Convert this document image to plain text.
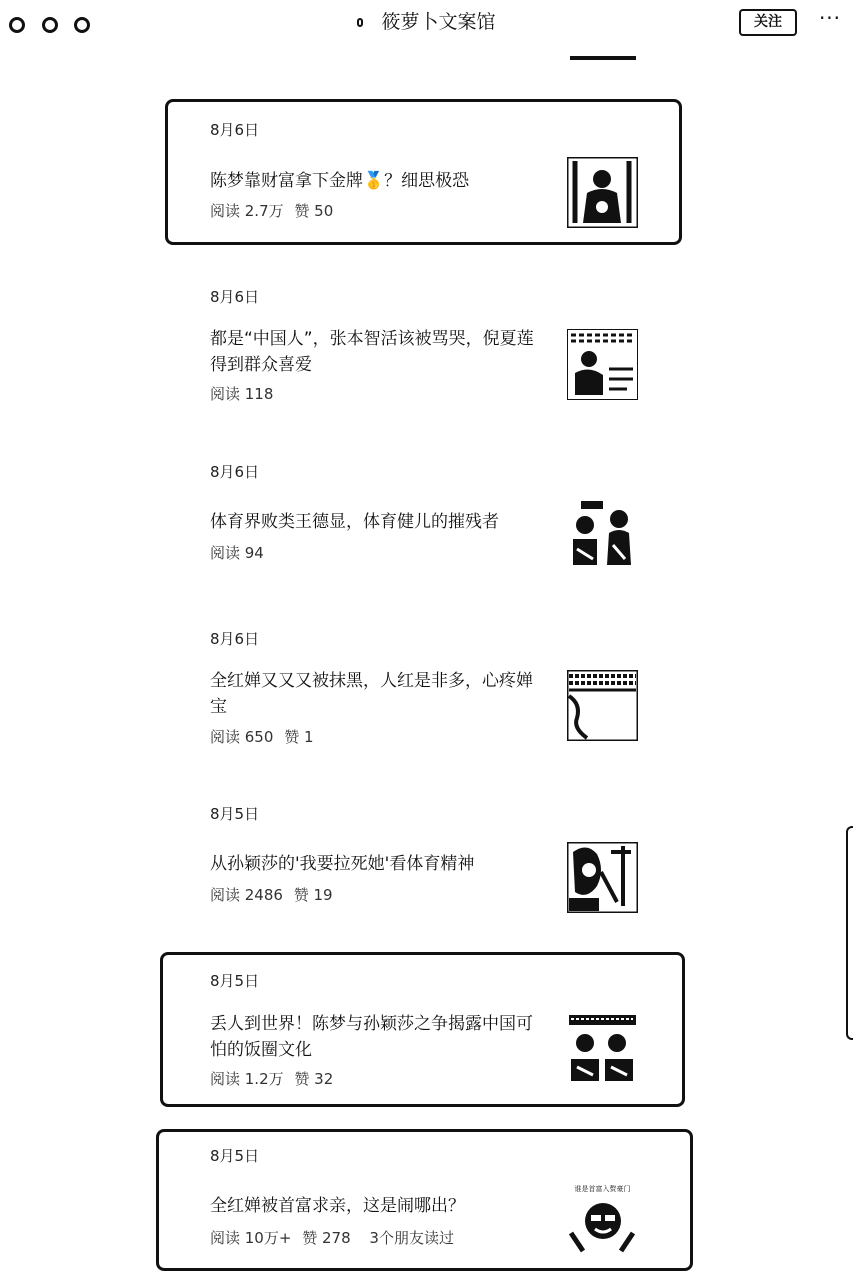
筱萝卜文案馆	关注	···
8月6日
陈梦靠财富拿下金牌🥇？细思极恐
阅读 2.7万 赞 50
8月6日
都是“中国人”，张本智活该被骂哭，倪夏莲得到群众喜爱
阅读 118
8月6日
体育界败类王德显，体育健儿的摧残者
阅读 94
8月6日
全红婵又又又被抹黑，人红是非多，心疼婵宝
阅读 650 赞 1
8月5日
从孙颖莎的'我要拉死她'看体育精神
阅读 2486 赞 19
8月5日
丢人到世界！陈梦与孙颖莎之争揭露中国可怕的饭圈文化
阅读 1.2万 赞 32
8月5日
全红婵被首富求亲，这是闹哪出？
阅读 10万+ 赞 278 3个朋友读过
谁是首富入赘豪门
